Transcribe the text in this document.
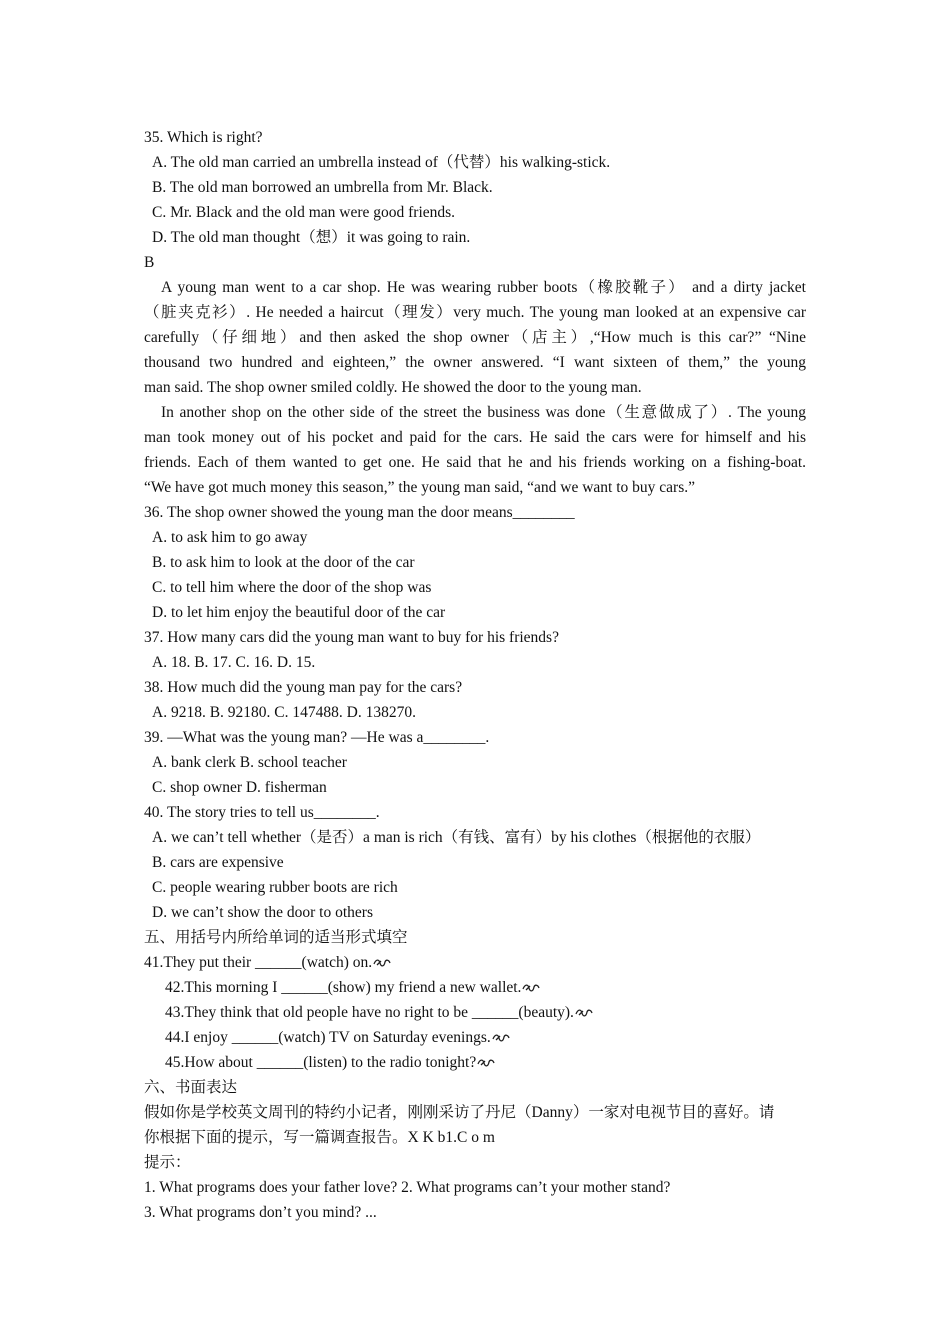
35. Which is right?
A. The old man carried an umbrella instead of（代替）his walking-stick.
B. The old man borrowed an umbrella from Mr. Black.
C. Mr. Black and the old man were good friends.
D. The old man thought（想）it was going to rain.
B
A young man went to a car shop. He was wearing rubber boots（橡胶靴子） and a dirty jacket
（脏夹克衫）. He needed a haircut（理发）very much. The young man looked at an expensive car
carefully（仔细地）and then asked the shop owner（店主）,“How much is this car?” “Nine
thousand two hundred and eighteen,” the owner answered. “I want sixteen of them,” the young
man said. The shop owner smiled coldly. He showed the door to the young man.
In another shop on the other side of the street the business was done（生意做成了）. The young
man took money out of his pocket and paid for the cars. He said the cars were for himself and his
friends. Each of them wanted to get one. He said that he and his friends working on a fishing-boat.
“We have got much money this season,” the young man said, “and we want to buy cars.”
36. The shop owner showed the young man the door means________
A. to ask him to go away
B. to ask him to look at the door of the car
C. to tell him where the door of the shop was
D. to let him enjoy the beautiful door of the car
37. How many cars did the young man want to buy for his friends?
A. 18. B. 17. C. 16. D. 15.
38. How much did the young man pay for the cars?
A. 9218. B. 92180. C. 147488. D. 138270.
39. —What was the young man? —He was a________.
A. bank clerk B. school teacher
C. shop owner D. fisherman
40. The story tries to tell us________.
A. we can’t tell whether（是否）a man is rich（有钱、富有）by his clothes（根据他的衣服）
B. cars are expensive
C. people wearing rubber boots are rich
D. we can’t show the door to others
五、用括号内所给单词的适当形式填空
41.They put their ______(watch) on.
42.This morning I ______(show) my friend a new wallet.
43.They think that old people have no right to be ______(beauty).
44.I enjoy ______(watch) TV on Saturday evenings.
45.How about ______(listen) to the radio tonight?
六、书面表达
假如你是学校英文周刊的特约小记者，刚刚采访了丹尼（Danny）一家对电视节目的喜好。请
你根据下面的提示，写一篇调查报告。X K b1.C o m
提示：
1. What programs does your father love? 2. What programs can’t your mother stand?
3. What programs don’t you mind? ...
